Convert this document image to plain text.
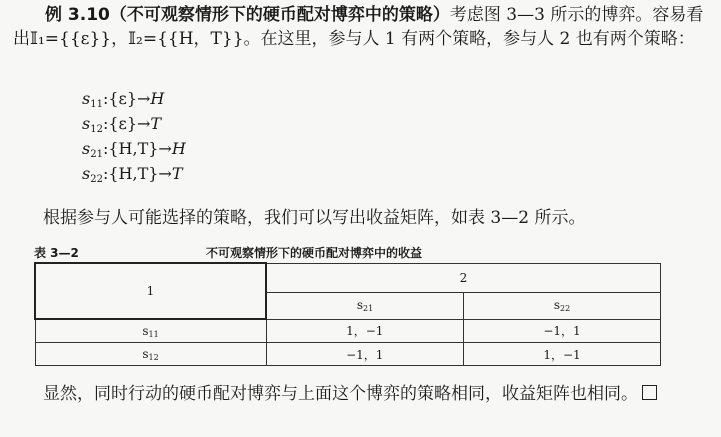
例 3.10（不可观察情形下的硬币配对博弈中的策略）考虑图 3—3 所示的博弈。容易看出𝕀₁={{ε}}，𝕀₂={{H，T}}。在这里，参与人 1 有两个策略，参与人 2 也有两个策略：
$s_{11}:\{\varepsilon\}\to H$
$s_{12}:\{\varepsilon\}\to T$
$s_{21}:\{H,T\}\to H$
$s_{22}:\{H,T\}\to T$
根据参与人可能选择的策略，我们可以写出收益矩阵，如表 3—2 所示。
表 3—2	不可观察情形下的硬币配对博弈中的收益
1	2	
	s21	s22
s11	1，−1	−1，1
s12	−1，1	1，−1
显然，同时行动的硬币配对博弈与上面这个博弈的策略相同，收益矩阵也相同。
